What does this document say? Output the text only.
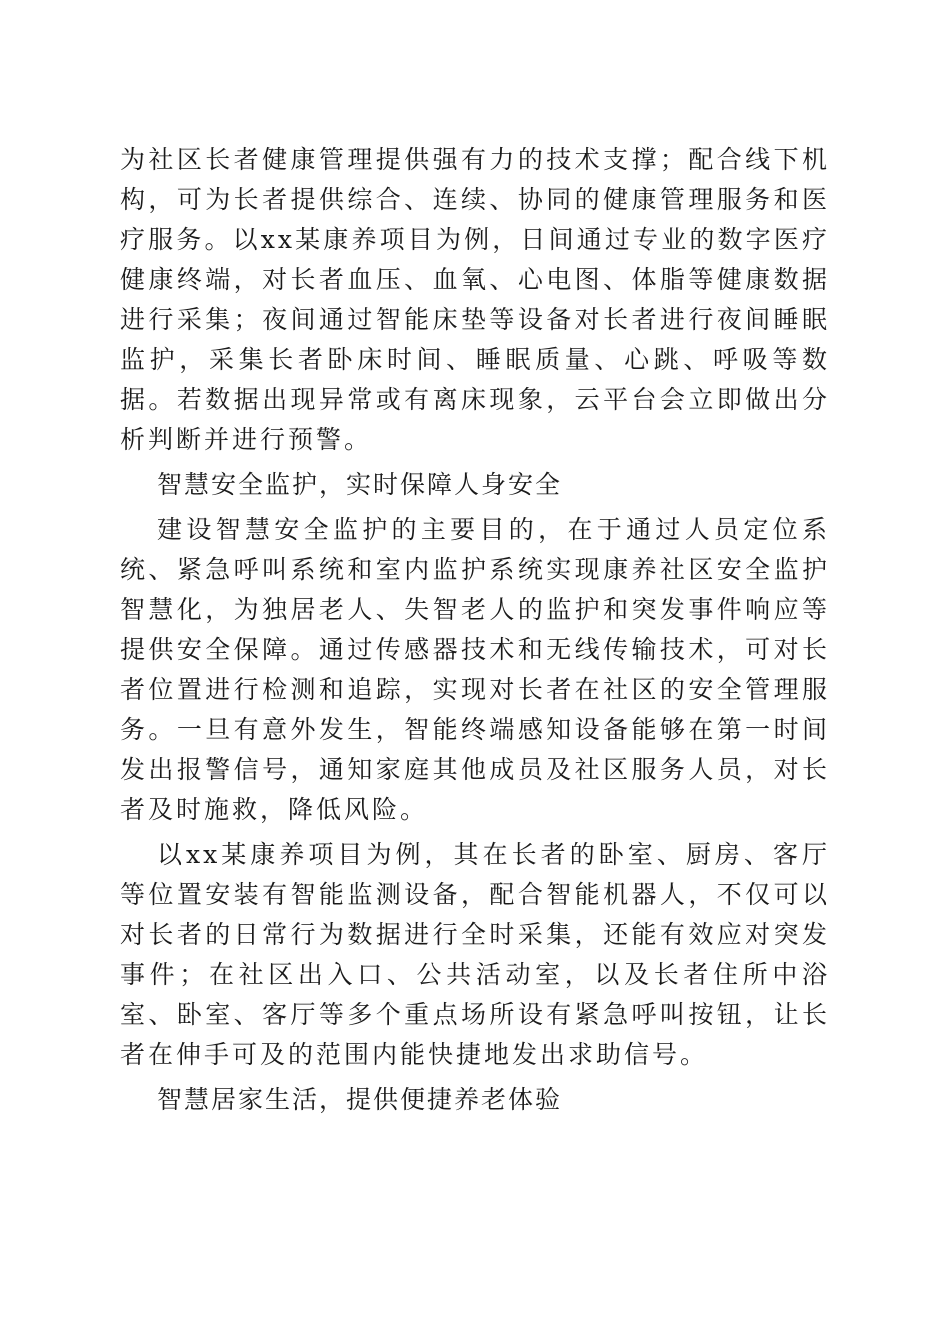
为社区长者健康管理提供强有力的技术支撑；配合线下机构，可为长者提供综合、连续、协同的健康管理服务和医疗服务。以xx某康养项目为例，日间通过专业的数字医疗健康终端，对长者血压、血氧、心电图、体脂等健康数据进行采集；夜间通过智能床垫等设备对长者进行夜间睡眠监护，采集长者卧床时间、睡眠质量、心跳、呼吸等数据。若数据出现异常或有离床现象，云平台会立即做出分析判断并进行预警。

智慧安全监护，实时保障人身安全

建设智慧安全监护的主要目的，在于通过人员定位系统、紧急呼叫系统和室内监护系统实现康养社区安全监护智慧化，为独居老人、失智老人的监护和突发事件响应等提供安全保障。通过传感器技术和无线传输技术，可对长者位置进行检测和追踪，实现对长者在社区的安全管理服务。一旦有意外发生，智能终端感知设备能够在第一时间发出报警信号，通知家庭其他成员及社区服务人员，对长者及时施救，降低风险。

以xx某康养项目为例，其在长者的卧室、厨房、客厅等位置安装有智能监测设备，配合智能机器人，不仅可以对长者的日常行为数据进行全时采集，还能有效应对突发事件；在社区出入口、公共活动室，以及长者住所中浴室、卧室、客厅等多个重点场所设有紧急呼叫按钮，让长者在伸手可及的范围内能快捷地发出求助信号。

智慧居家生活，提供便捷养老体验
